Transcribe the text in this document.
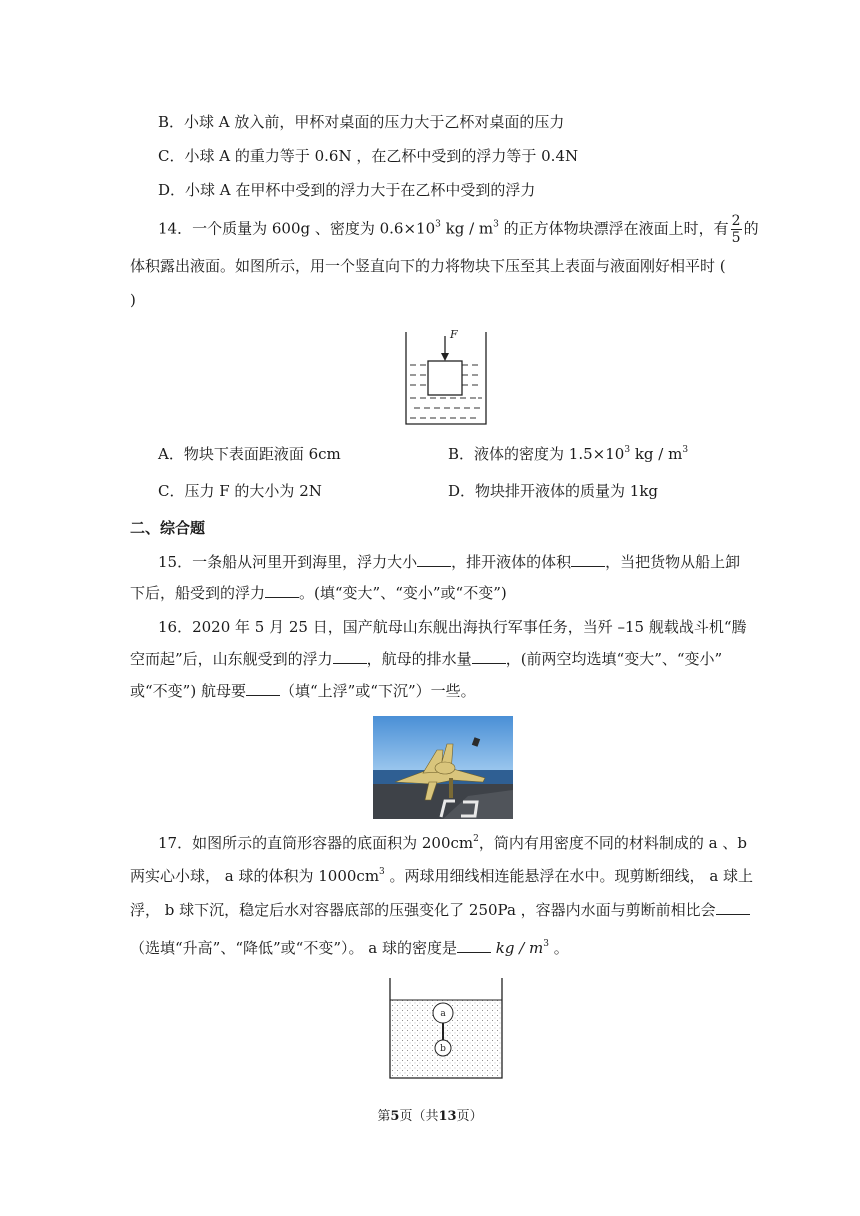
B．小球 A 放入前，甲杯对桌面的压力大于乙杯对桌面的压力
C．小球 A 的重力等于 0.6N ，在乙杯中受到的浮力等于 0.4N
D．小球 A 在甲杯中受到的浮力大于在乙杯中受到的浮力
14．一个质量为 600g 、密度为 $0.6\times 10^3$ kg / $m^3$ 的正方体物块漂浮在液面上时，有 $\frac{2}{5}$ 的
体积露出液面。如图所示，用一个竖直向下的力将物块下压至其上表面与液面刚好相平时 (
)
F
A．物块下表面距液面 6cm	B．液体的密度为 $1.5\times 10^3$ kg / $m^3$
C．压力 F 的大小为 2N	D．物块排开液体的质量为 1kg
二、综合题
15．一条船从河里开到海里，浮力大小 ，排开液体的体积 ，当把货物从船上卸
下后，船受到的浮力 。(填“变大”、“变小”或“不变”)
16．2020 年 5 月 25 日，国产航母山东舰出海执行军事任务，当歼 –15 舰载战斗机“腾
空而起”后，山东舰受到的浮力 ，航母的排水量 ，(前两空均选填“变大”、“变小”
或“不变”) 航母要 （填“上浮”或“下沉”）一些。
17．如图所示的直筒形容器的底面积为 $200cm^2$，筒内有用密度不同的材料制成的 a 、b
两实心小球， a 球的体积为 $1000cm^3$ 。两球用细线相连能悬浮在水中。现剪断细线， a 球上
浮， b 球下沉，稳定后水对容器底部的压强变化了 250Pa ，容器内水面与剪断前相比会
（选填“升高”、“降低”或“不变”）。 a 球的密度是 kg / $m^3$ 。
a
b
第5页（共13页）
